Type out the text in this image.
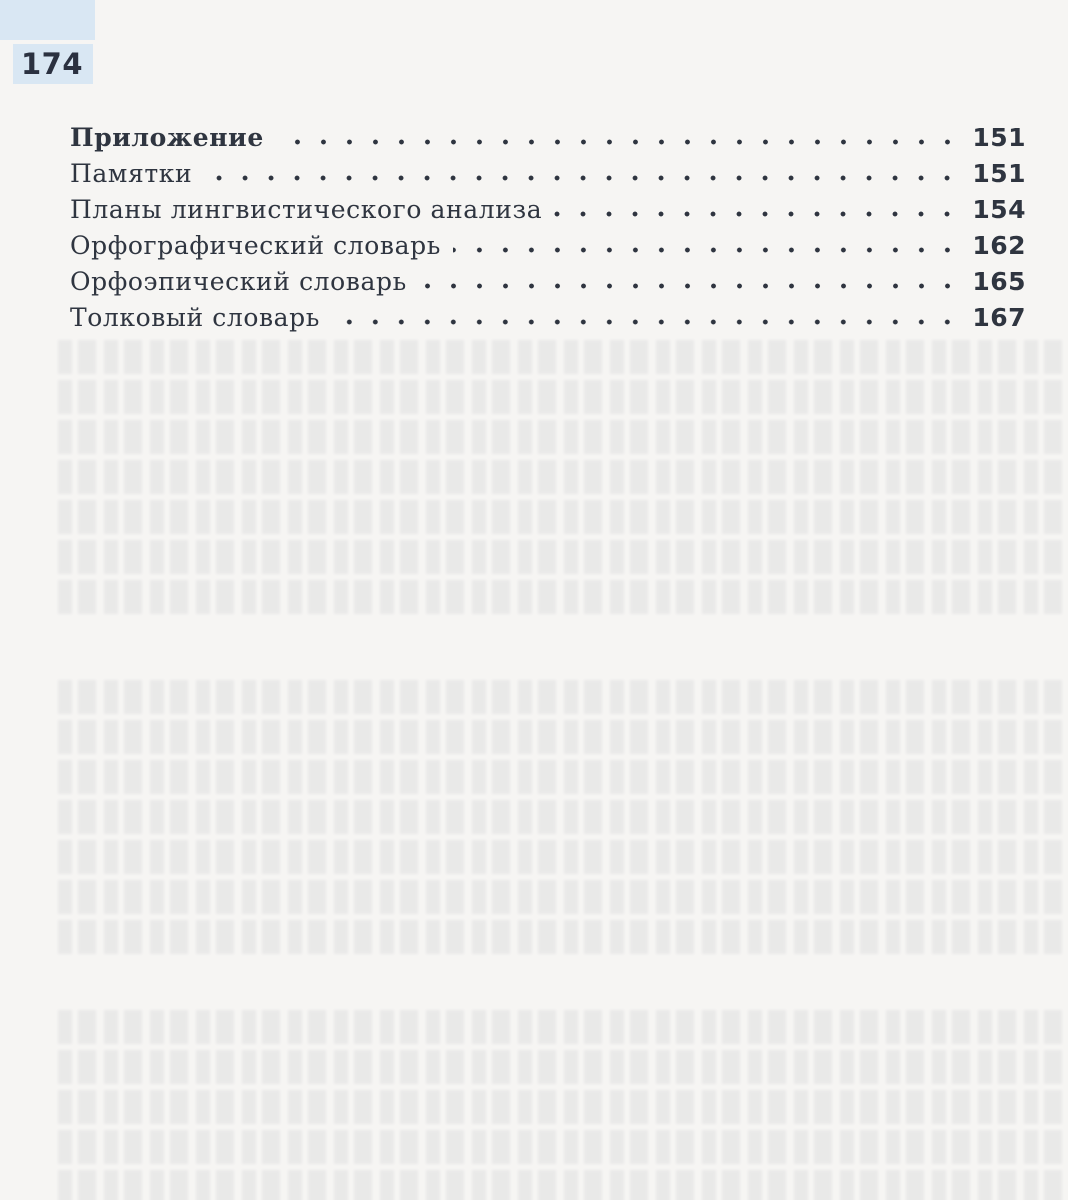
174
Приложение	151
Памятки	151
Планы лингвистического анализа	154
Орфографический словарь	162
Орфоэпический словарь	165
Толковый словарь	167
